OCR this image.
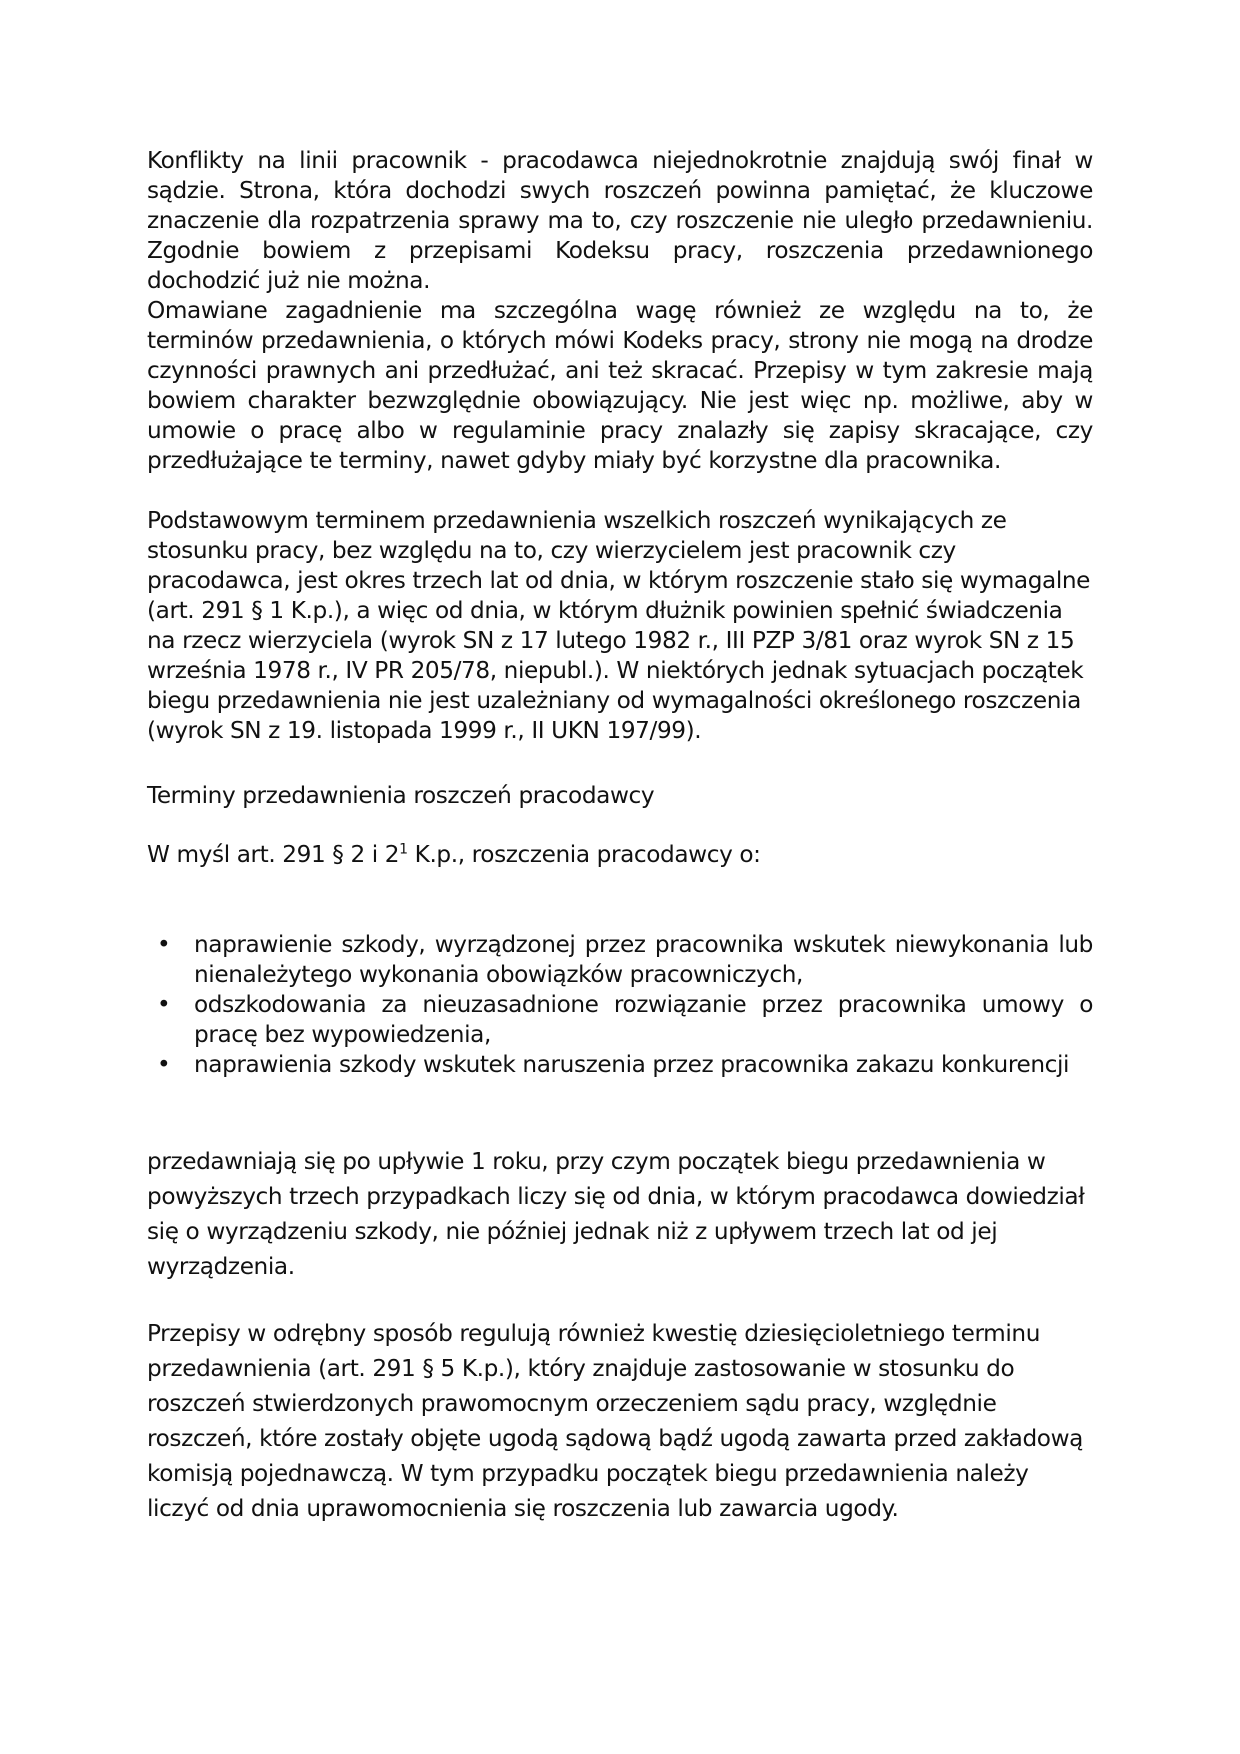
Konflikty na linii pracownik - pracodawca niejednokrotnie znajdują swój finał w sądzie. Strona, która dochodzi swych roszczeń powinna pamiętać, że kluczowe znaczenie dla rozpatrzenia sprawy ma to, czy roszczenie nie uległo przedawnieniu. Zgodnie bowiem z przepisami Kodeksu pracy, roszczenia przedawnionego dochodzić już nie można.
Omawiane zagadnienie ma szczególna wagę również ze względu na to, że terminów przedawnienia, o których mówi Kodeks pracy, strony nie mogą na drodze czynności prawnych ani przedłużać, ani też skracać. Przepisy w tym zakresie mają bowiem charakter bezwzględnie obowiązujący. Nie jest więc np. możliwe, aby w umowie o pracę albo w regulaminie pracy znalazły się zapisy skracające, czy przedłużające te terminy, nawet gdyby miały być korzystne dla pracownika.

Podstawowym terminem przedawnienia wszelkich roszczeń wynikających ze stosunku pracy, bez względu na to, czy wierzycielem jest pracownik czy pracodawca, jest okres trzech lat od dnia, w którym roszczenie stało się wymagalne (art. 291 § 1 K.p.), a więc od dnia, w którym dłużnik powinien spełnić świadczenia na rzecz wierzyciela (wyrok SN z 17 lutego 1982 r., III PZP 3/81 oraz wyrok SN z 15 września 1978 r., IV PR 205/78, niepubl.). W niektórych jednak sytuacjach początek biegu przedawnienia nie jest uzależniany od wymagalności określonego roszczenia (wyrok SN z 19. listopada 1999 r., II UKN 197/99).

Terminy przedawnienia roszczeń pracodawcy

W myśl art. 291 § 2 i $2^1$ K.p., roszczenia pracodawcy o:

• naprawienie szkody, wyrządzonej przez pracownika wskutek niewykonania lub nienależytego wykonania obowiązków pracowniczych,
• odszkodowania za nieuzasadnione rozwiązanie przez pracownika umowy o pracę bez wypowiedzenia,
• naprawienia szkody wskutek naruszenia przez pracownika zakazu konkurencji

przedawniają się po upływie 1 roku, przy czym początek biegu przedawnienia w powyższych trzech przypadkach liczy się od dnia, w którym pracodawca dowiedział się o wyrządzeniu szkody, nie później jednak niż z upływem trzech lat od jej wyrządzenia.

Przepisy w odrębny sposób regulują również kwestię dziesięcioletniego terminu przedawnienia (art. 291 § 5 K.p.), który znajduje zastosowanie w stosunku do roszczeń stwierdzonych prawomocnym orzeczeniem sądu pracy, względnie roszczeń, które zostały objęte ugodą sądową bądź ugodą zawarta przed zakładową komisją pojednawczą. W tym przypadku początek biegu przedawnienia należy liczyć od dnia uprawomocnienia się roszczenia lub zawarcia ugody.
